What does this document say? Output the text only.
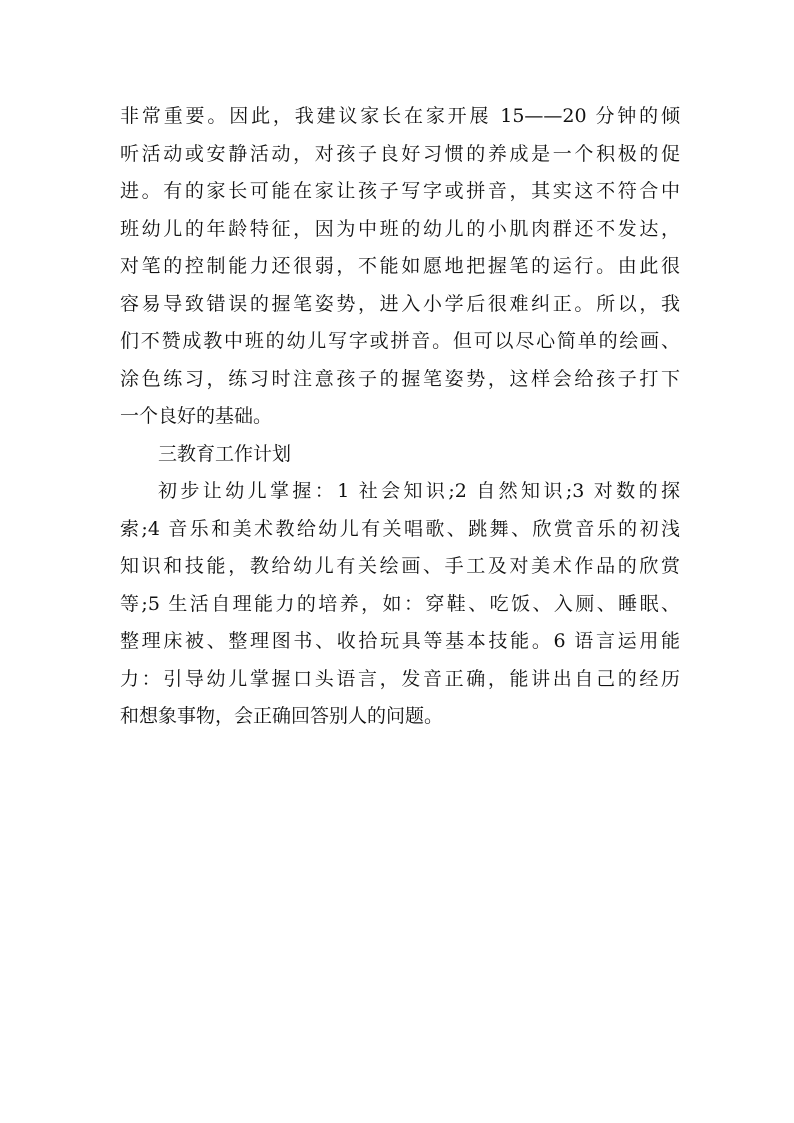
非常重要。因此，我建议家长在家开展 15——20 分钟的倾
听活动或安静活动，对孩子良好习惯的养成是一个积极的促
进。有的家长可能在家让孩子写字或拼音，其实这不符合中
班幼儿的年龄特征，因为中班的幼儿的小肌肉群还不发达，
对笔的控制能力还很弱，不能如愿地把握笔的运行。由此很
容易导致错误的握笔姿势，进入小学后很难纠正。所以，我
们不赞成教中班的幼儿写字或拼音。但可以尽心简单的绘画、
涂色练习，练习时注意孩子的握笔姿势，这样会给孩子打下
一个良好的基础。
三教育工作计划
初步让幼儿掌握：1 社会知识;2 自然知识;3 对数的探
索;4 音乐和美术教给幼儿有关唱歌、跳舞、欣赏音乐的初浅
知识和技能，教给幼儿有关绘画、手工及对美术作品的欣赏
等;5 生活自理能力的培养，如：穿鞋、吃饭、入厕、睡眠、
整理床被、整理图书、收拾玩具等基本技能。6 语言运用能
力：引导幼儿掌握口头语言，发音正确，能讲出自己的经历
和想象事物，会正确回答别人的问题。
